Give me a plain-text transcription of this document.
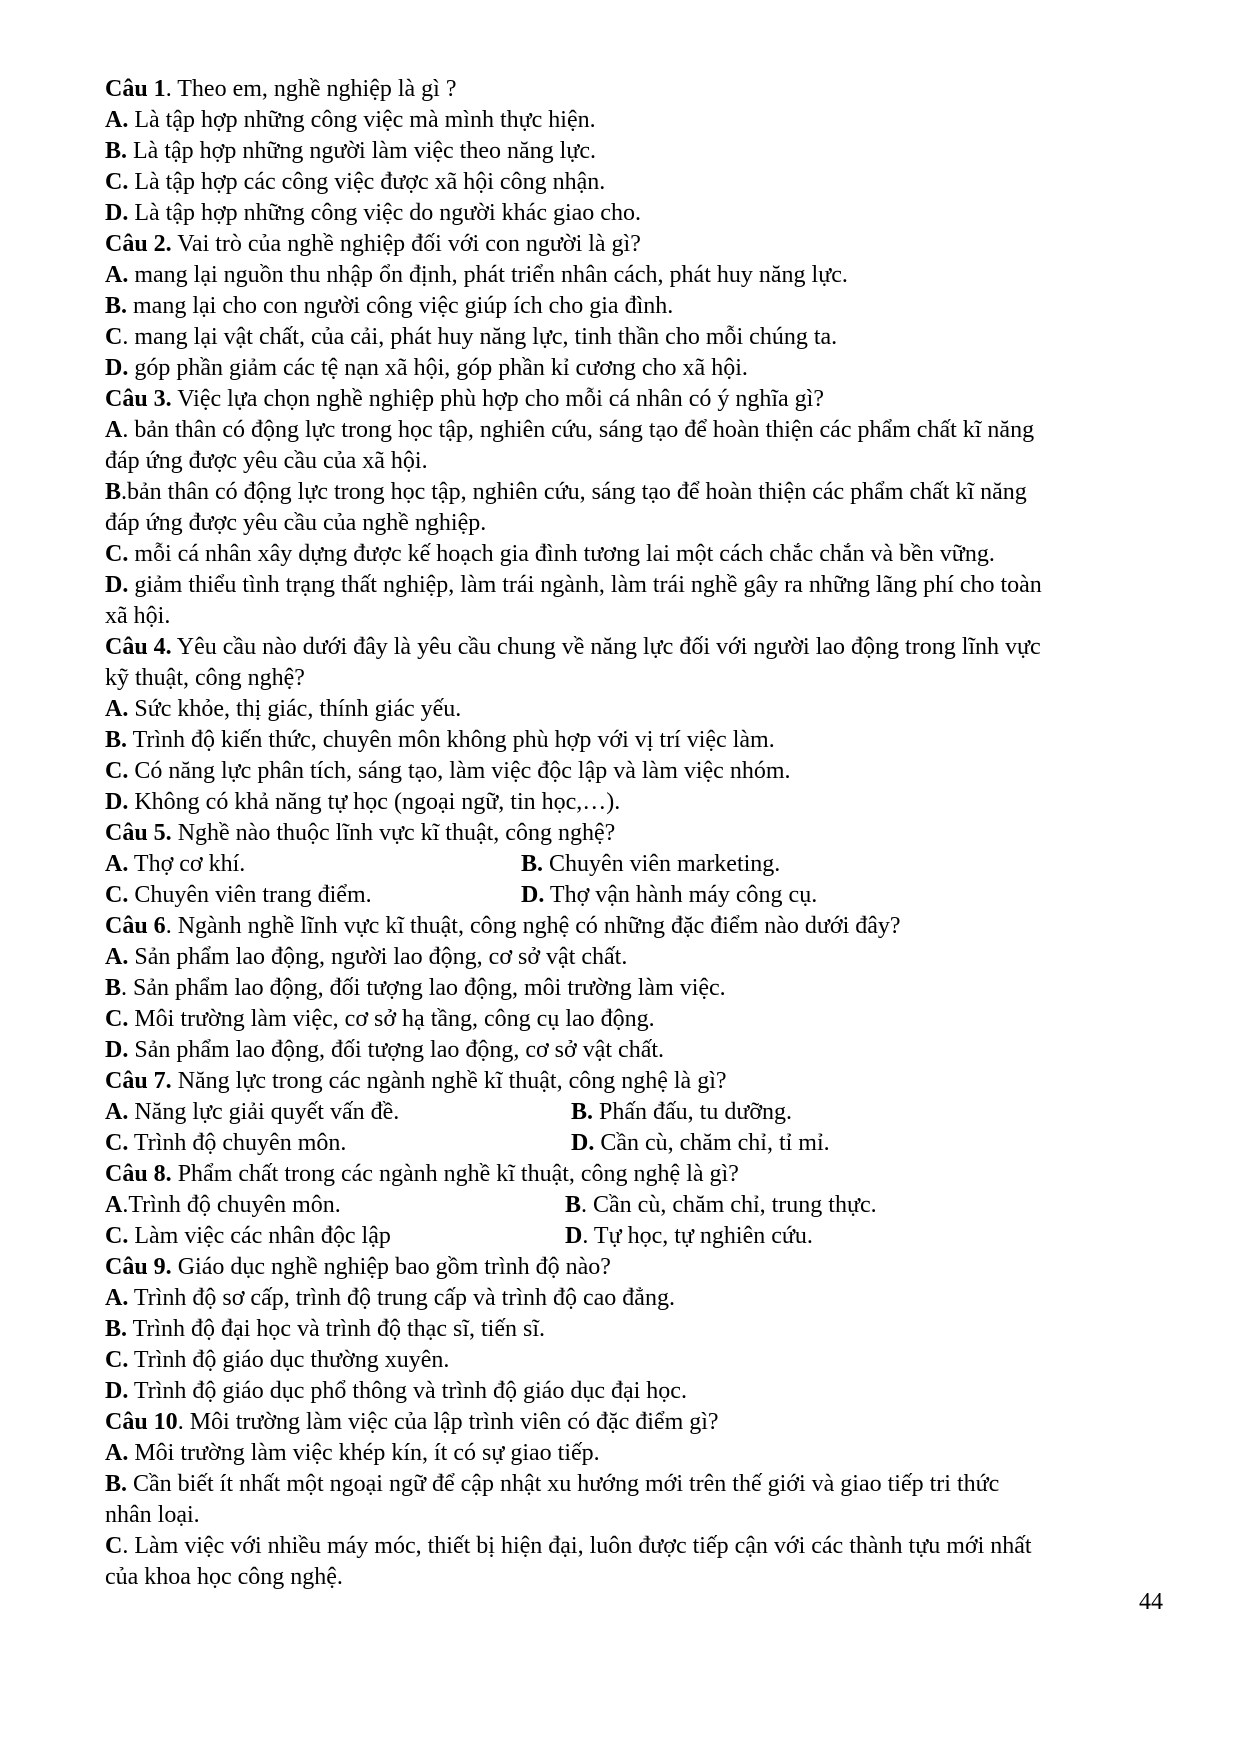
Câu 1. Theo em, nghề nghiệp là gì ?
A. Là tập hợp những công việc mà mình thực hiện.
B. Là tập hợp những người làm việc theo năng lực.
C. Là tập hợp các công việc được xã hội công nhận.
D. Là tập hợp những công việc do người khác giao cho.
Câu 2. Vai trò của nghề nghiệp đối với con người là gì?
A. mang lại nguồn thu nhập ổn định, phát triển nhân cách, phát huy năng lực.
B. mang lại cho con người công việc giúp ích cho gia đình.
C. mang lại vật chất, của cải, phát huy năng lực, tinh thần cho mỗi chúng ta.
D. góp phần giảm các tệ nạn xã hội, góp phần kỉ cương cho xã hội.
Câu 3. Việc lựa chọn nghề nghiệp phù hợp cho mỗi cá nhân có ý nghĩa gì?
A. bản thân có động lực trong học tập, nghiên cứu, sáng tạo để hoàn thiện các phẩm chất kĩ năng
đáp ứng được yêu cầu của xã hội.
B.bản thân có động lực trong học tập, nghiên cứu, sáng tạo để hoàn thiện các phẩm chất kĩ năng
đáp ứng được yêu cầu của nghề nghiệp.
C. mỗi cá nhân xây dựng được kế hoạch gia đình tương lai một cách chắc chắn và bền vững.
D. giảm thiểu tình trạng thất nghiệp, làm trái ngành, làm trái nghề gây ra những lãng phí cho toàn
xã hội.
Câu 4. Yêu cầu nào dưới đây là yêu cầu chung về năng lực đối với người lao động trong lĩnh vực
kỹ thuật, công nghệ?
A. Sức khỏe, thị giác, thính giác yếu.
B. Trình độ kiến thức, chuyên môn không phù hợp với vị trí việc làm.
C. Có năng lực phân tích, sáng tạo, làm việc độc lập và làm việc nhóm.
D. Không có khả năng tự học (ngoại ngữ, tin học,…).
Câu 5. Nghề nào thuộc lĩnh vực kĩ thuật, công nghệ?
A. Thợ cơ khí.	B. Chuyên viên marketing.
C. Chuyên viên trang điểm.	D. Thợ vận hành máy công cụ.
Câu 6. Ngành nghề lĩnh vực kĩ thuật, công nghệ có những đặc điểm nào dưới đây?
A. Sản phẩm lao động, người lao động, cơ sở vật chất.
B. Sản phẩm lao động, đối tượng lao động, môi trường làm việc.
C. Môi trường làm việc, cơ sở hạ tầng, công cụ lao động.
D. Sản phẩm lao động, đối tượng lao động, cơ sở vật chất.
Câu 7. Năng lực trong các ngành nghề kĩ thuật, công nghệ là gì?
A. Năng lực giải quyết vấn đề.	B. Phấn đấu, tu dưỡng.
C. Trình độ chuyên môn.	D. Cần cù, chăm chỉ, tỉ mỉ.
Câu 8. Phẩm chất trong các ngành nghề kĩ thuật, công nghệ là gì?
A.Trình độ chuyên môn.	B. Cần cù, chăm chỉ, trung thực.
C. Làm việc các nhân độc lập	D. Tự học, tự nghiên cứu.
Câu 9. Giáo dục nghề nghiệp bao gồm trình độ nào?
A. Trình độ sơ cấp, trình độ trung cấp và trình độ cao đẳng.
B. Trình độ đại học và trình độ thạc sĩ, tiến sĩ.
C. Trình độ giáo dục thường xuyên.
D. Trình độ giáo dục phổ thông và trình độ giáo dục đại học.
Câu 10. Môi trường làm việc của lập trình viên có đặc điểm gì?
A. Môi trường làm việc khép kín, ít có sự giao tiếp.
B. Cần biết ít nhất một ngoại ngữ để cập nhật xu hướng mới trên thế giới và giao tiếp tri thức
nhân loại.
C. Làm việc với nhiều máy móc, thiết bị hiện đại, luôn được tiếp cận với các thành tựu mới nhất
của khoa học công nghệ.
44
